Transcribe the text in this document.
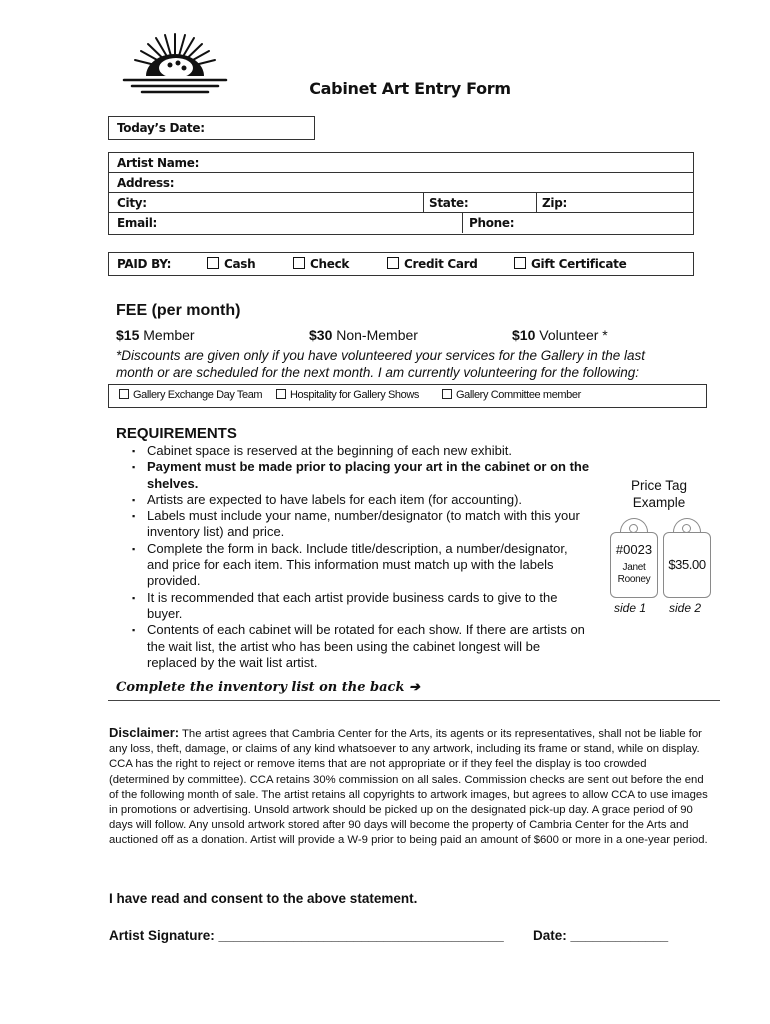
Cabinet Art Entry Form
Today’s Date:
Artist Name:
Address:
City:	State:	Zip:
Email:	Phone:
PAID BY:	Cash	Check	Credit Card	Gift Certificate
FEE (per month)
$15 Member	$30 Non-Member	$10 Volunteer *
*Discounts are given only if you have volunteered your services for the Gallery in the last month or are scheduled for the next month. I am currently volunteering for the following:
Gallery Exchange Day Team	Hospitality for Gallery Shows	Gallery Committee member
REQUIREMENTS
▪ Cabinet space is reserved at the beginning of each new exhibit.
▪ Payment must be made prior to placing your art in the cabinet or on the shelves.
▪ Artists are expected to have labels for each item (for accounting).
▪ Labels must include your name, number/designator (to match with this your inventory list) and price.
▪ Complete the form in back. Include title/description, a number/designator, and price for each item. This information must match up with the labels provided.
▪ It is recommended that each artist provide business cards to give to the buyer.
▪ Contents of each cabinet will be rotated for each show. If there are artists on the wait list, the artist who has been using the cabinet longest will be replaced by the wait list artist.
Complete the inventory list on the back ➔
Price Tag Example
#0023
Janet Rooney
$35.00
side 1 side 2
Disclaimer: The artist agrees that Cambria Center for the Arts, its agents or its representatives, shall not be liable for any loss, theft, damage, or claims of any kind whatsoever to any artwork, including its frame or stand, while on display. CCA has the right to reject or remove items that are not appropriate or if they feel the display is too crowded (determined by committee). CCA retains 30% commission on all sales. Commission checks are sent out before the end of the following month of sale. The artist retains all copyrights to artwork images, but agrees to allow CCA to use images in promotions or advertising. Unsold artwork should be picked up on the designated pick-up day. A grace period of 90 days will follow. Any unsold artwork stored after 90 days will become the property of Cambria Center for the Arts and auctioned off as a donation. Artist will provide a W-9 prior to being paid an amount of $600 or more in a one-year period.
I have read and consent to the above statement.
Artist Signature: ______________________________________ Date: _____________
